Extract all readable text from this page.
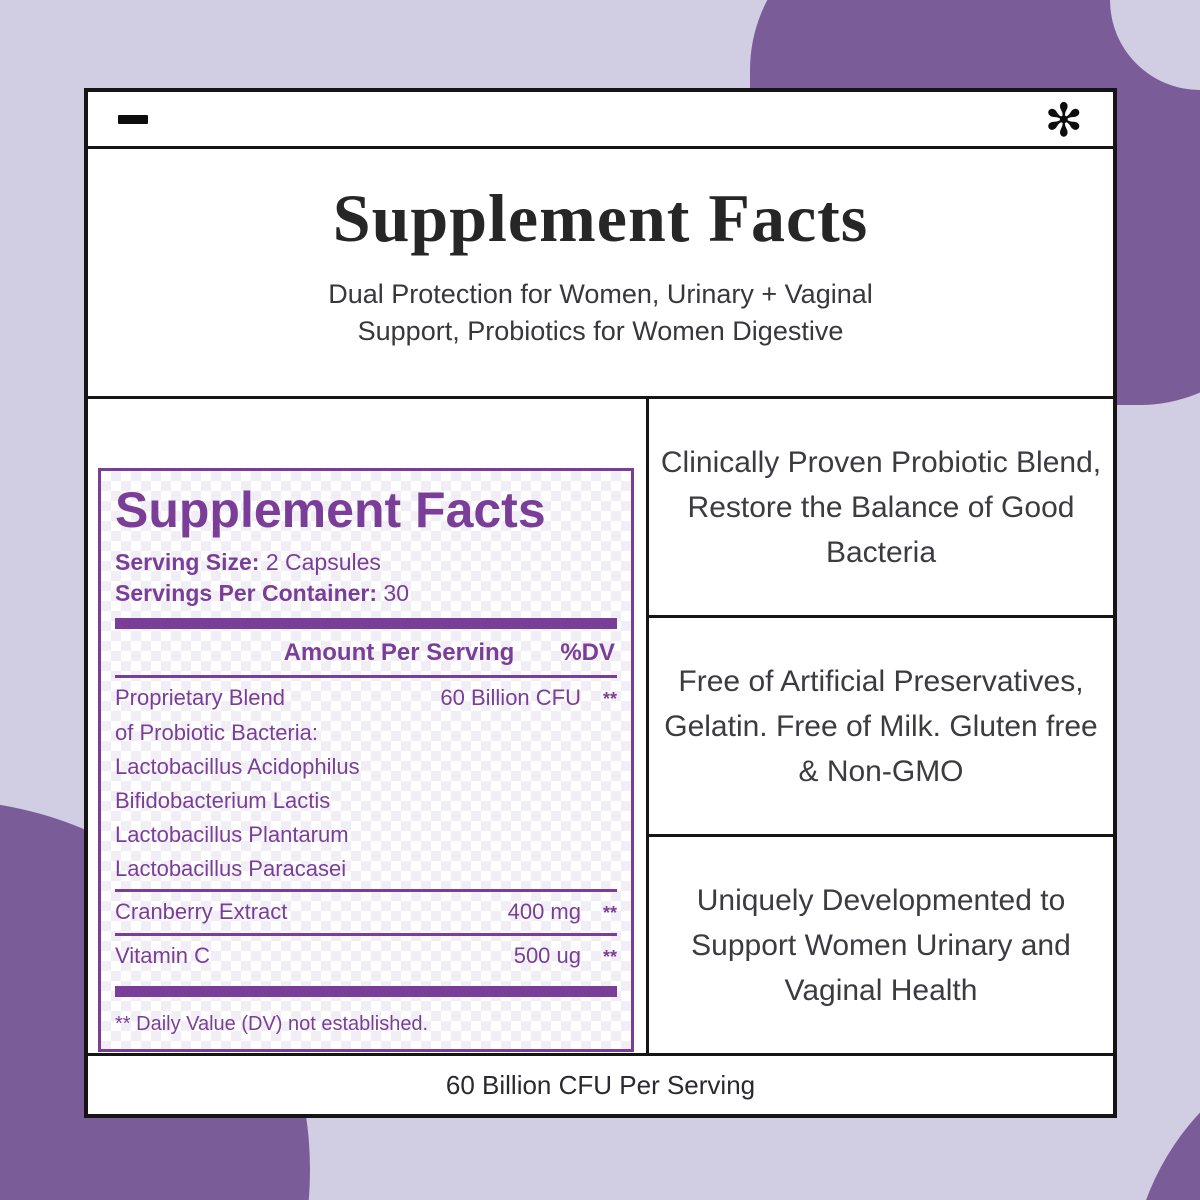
✻
Supplement Facts

Dual Protection for Women, Urinary + Vaginal
Support, Probiotics for Women Digestive

Supplement Facts
Serving Size: 2 Capsules
Servings Per Container: 30
Amount Per Serving %DV
Proprietary Blend	60 Billion CFU	**
of Probiotic Bacteria:
Lactobacillus Acidophilus
Bifidobacterium Lactis
Lactobacillus Plantarum
Lactobacillus Paracasei
Cranberry Extract	400 mg	**
Vitamin C	500 ug	**
** Daily Value (DV) not established.
Clinically Proven Probiotic Blend, Restore the Balance of Good Bacteria
Free of Artificial Preservatives, Gelatin. Free of Milk. Gluten free & Non-GMO
Uniquely Developmented to Support Women Urinary and Vaginal Health
60 Billion CFU Per Serving
